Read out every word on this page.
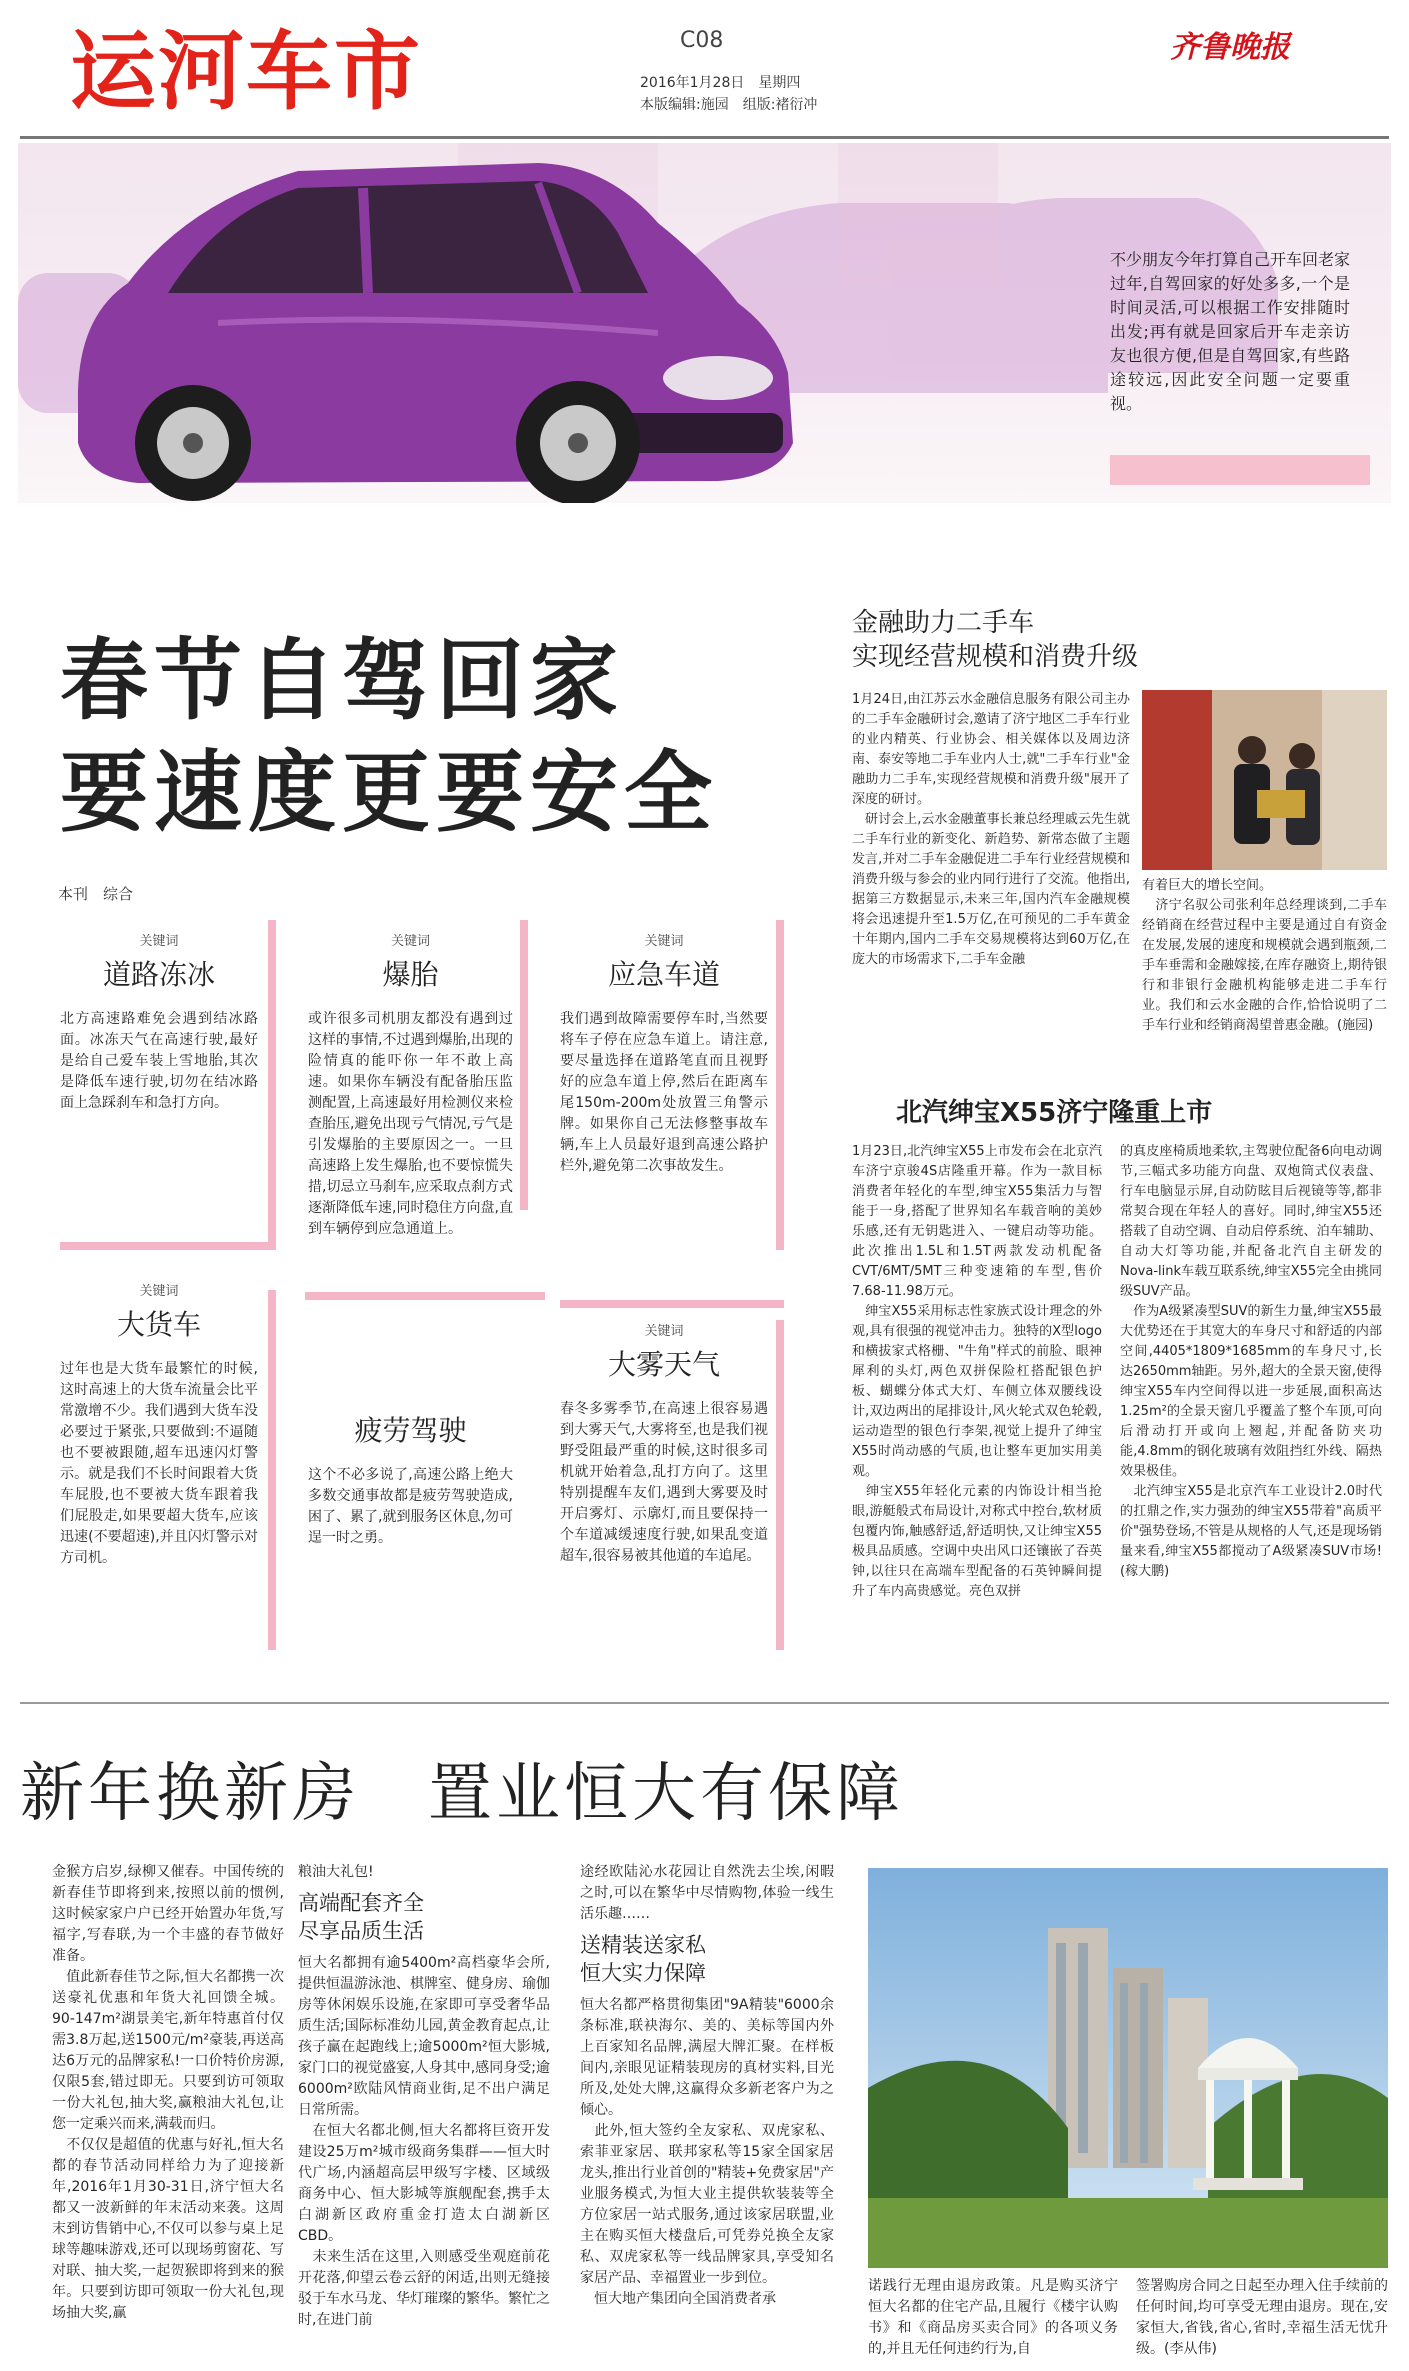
运河车市	C08
2016年1月28日　星期四
本版编辑:施园　组版:褚衍冲
齐鲁晚报
不少朋友今年打算自己开车回老家过年,自驾回家的好处多多,一个是时间灵活,可以根据工作安排随时出发;再有就是回家后开车走亲访友也很方便,但是自驾回家,有些路途较远,因此安全问题一定要重视。
春节自驾回家
要速度更要安全
本刊　综合
关键词
道路冻冰
北方高速路难免会遇到结冰路面。冰冻天气在高速行驶,最好是给自己爱车装上雪地胎,其次是降低车速行驶,切勿在结冰路面上急踩刹车和急打方向。
关键词
爆胎
或许很多司机朋友都没有遇到过这样的事情,不过遇到爆胎,出现的险情真的能吓你一年不敢上高速。如果你车辆没有配备胎压监测配置,上高速最好用检测仪来检查胎压,避免出现亏气情况,亏气是引发爆胎的主要原因之一。一旦高速路上发生爆胎,也不要惊慌失措,切忌立马刹车,应采取点刹方式逐渐降低车速,同时稳住方向盘,直到车辆停到应急通道上。
关键词
应急车道
我们遇到故障需要停车时,当然要将车子停在应急车道上。请注意,要尽量选择在道路笔直而且视野好的应急车道上停,然后在距离车尾150m-200m处放置三角警示牌。如果你自己无法修整事故车辆,车上人员最好退到高速公路护栏外,避免第二次事故发生。
关键词
大货车
过年也是大货车最繁忙的时候,这时高速上的大货车流量会比平常激增不少。我们遇到大货车没必要过于紧张,只要做到:不逼随也不要被跟随,超车迅速闪灯警示。就是我们不长时间跟着大货车屁股,也不要被大货车跟着我们屁股走,如果要超大货车,应该迅速(不要超速),并且闪灯警示对方司机。
疲劳驾驶
这个不必多说了,高速公路上绝大多数交通事故都是疲劳驾驶造成,困了、累了,就到服务区休息,勿可逞一时之勇。
关键词
大雾天气
春冬多雾季节,在高速上很容易遇到大雾天气,大雾将至,也是我们视野受阻最严重的时候,这时很多司机就开始着急,乱打方向了。这里特别提醒车友们,遇到大雾要及时开启雾灯、示廓灯,而且要保持一个车道减缓速度行驶,如果乱变道超车,很容易被其他道的车追尾。
金融助力二手车
实现经营规模和消费升级
1月24日,由江苏云水金融信息服务有限公司主办的二手车金融研讨会,邀请了济宁地区二手车行业的业内精英、行业协会、相关媒体以及周边济南、泰安等地二手车业内人士,就"二手车行业"金融助力二手车,实现经营规模和消费升级"展开了深度的研讨。
　研讨会上,云水金融董事长兼总经理戚云先生就二手车行业的新变化、新趋势、新常态做了主题发言,并对二手车金融促进二手车行业经营规模和消费升级与参会的业内同行进行了交流。他指出,据第三方数据显示,未来三年,国内汽车金融规模将会迅速提升至1.5万亿,在可预见的二手车黄金十年期内,国内二手车交易规模将达到60万亿,在庞大的市场需求下,二手车金融
有着巨大的增长空间。
　济宁名驭公司张利年总经理谈到,二手车经销商在经营过程中主要是通过自有资金在发展,发展的速度和规模就会遇到瓶颈,二手车垂需和金融嫁接,在库存融资上,期待银行和非银行金融机构能够走进二手车行业。我们和云水金融的合作,恰恰说明了二手车行业和经销商渴望普惠金融。(施园)
北汽绅宝X55济宁隆重上市
1月23日,北汽绅宝X55上市发布会在北京汽车济宁京骏4S店隆重开幕。作为一款目标消费者年轻化的车型,绅宝X55集活力与智能于一身,搭配了世界知名车载音响的美妙乐感,还有无钥匙进入、一键启动等功能。此次推出1.5L和1.5T两款发动机配备CVT/6MT/5MT三种变速箱的车型,售价7.68-11.98万元。
　绅宝X55采用标志性家族式设计理念的外观,具有很强的视觉冲击力。独特的X型logo和横拔家式格栅、"牛角"样式的前脸、眼神犀利的头灯,两色双拼保险杠搭配银色护板、蝴蝶分体式大灯、车侧立体双腰线设计,双边两出的尾排设计,风火轮式双色轮毂,运动造型的银色行李架,视觉上提升了绅宝X55时尚动感的气质,也让整车更加实用美观。
　绅宝X55年轻化元素的内饰设计相当抢眼,游艇般式布局设计,对称式中控台,软材质包覆内饰,触感舒适,舒适明快,又让绅宝X55极具品质感。空调中央出风口还镶嵌了吞英钟,以往只在高端车型配备的石英钟瞬间提升了车内高贵感觉。亮色双拼
的真皮座椅质地柔软,主驾驶位配备6向电动调节,三幅式多功能方向盘、双炮筒式仪表盘、行车电脑显示屏,自动防眩目后视镜等等,都非常契合现在年轻人的喜好。同时,绅宝X55还搭载了自动空调、自动启停系统、泊车辅助、自动大灯等功能,并配备北汽自主研发的Nova-link车载互联系统,绅宝X55完全由挑同级SUV产品。
　作为A级紧凑型SUV的新生力量,绅宝X55最大优势还在于其宽大的车身尺寸和舒适的内部空间,4405*1809*1685mm的车身尺寸,长达2650mm轴距。另外,超大的全景天窗,使得绅宝X55车内空间得以进一步延展,面积高达1.25m²的全景天窗几乎覆盖了整个车顶,可向后滑动打开或向上翘起,并配备防夹功能,4.8mm的钢化玻璃有效阻挡红外线、隔热效果极佳。
　北汽绅宝X55是北京汽车工业设计2.0时代的扛鼎之作,实力强劲的绅宝X55带着"高质平价"强势登场,不管是从规格的人气,还是现场销量来看,绅宝X55都搅动了A级紧凑SUV市场!(稼大鹏)
新年换新房　置业恒大有保障
金猴方启岁,绿柳又催春。中国传统的新春佳节即将到来,按照以前的惯例,这时候家家户户已经开始置办年货,写福字,写春联,为一个丰盛的春节做好准备。
　值此新春佳节之际,恒大名都携一次送豪礼优惠和年货大礼回馈全城。90-147m²湖景美宅,新年特惠首付仅需3.8万起,送1500元/m²豪装,再送高达6万元的品牌家私!一口价特价房源,仅限5套,错过即无。只要到访可领取一份大礼包,抽大奖,赢粮油大礼包,让您一定乘兴而来,满载而归。
　不仅仅是超值的优惠与好礼,恒大名都的春节活动同样给力为了迎接新年,2016年1月30-31日,济宁恒大名都又一波新鲜的年末活动来袭。这周末到访售销中心,不仅可以参与桌上足球等趣味游戏,还可以现场剪窗花、写对联、抽大奖,一起贺猴即将到来的猴年。只要到访即可领取一份大礼包,现场抽大奖,赢
粮油大礼包!
高端配套齐全
尽享品质生活
恒大名都拥有逾5400m²高档豪华会所,提供恒温游泳池、棋牌室、健身房、瑜伽房等休闲娱乐设施,在家即可享受奢华品质生活;国际标准幼儿园,黄金教育起点,让孩子赢在起跑线上;逾5000m²恒大影城,家门口的视觉盛宴,人身其中,感同身受;逾6000m²欧陆风情商业街,足不出户满足日常所需。
　在恒大名都北侧,恒大名都将巨资开发建设25万m²城市级商务集群——恒大时代广场,内涵超高层甲级写字楼、区域级商务中心、恒大影城等旗舰配套,携手太白湖新区政府重金打造太白湖新区CBD。
　未来生活在这里,入则感受坐观庭前花开花落,仰望云卷云舒的闲适,出则无缝接驳于车水马龙、华灯璀璨的繁华。繁忙之时,在进门前
途经欧陆沁水花园让自然洗去尘埃,闲暇之时,可以在繁华中尽情购物,体验一线生活乐趣……
送精装送家私
恒大实力保障
恒大名都严格贯彻集团"9A精装"6000余条标准,联袂海尔、美的、美标等国内外上百家知名品牌,满屋大牌汇聚。在样板间内,亲眼见证精装现房的真材实料,目光所及,处处大牌,这赢得众多新老客户为之倾心。
　此外,恒大签约全友家私、双虎家私、索菲亚家居、联邦家私等15家全国家居龙头,推出行业首创的"精装+免费家居"产业服务模式,为恒大业主提供软装装等全方位家居一站式服务,通过该家居联盟,业主在购买恒大楼盘后,可凭券兑换全友家私、双虎家私等一线品牌家具,享受知名家居产品、幸福置业一步到位。
　恒大地产集团向全国消费者承
诺践行无理由退房政策。凡是购买济宁恒大名都的住宅产品,且履行《楼宇认购书》和《商品房买卖合同》的各项义务的,并且无任何违约行为,自
签署购房合同之日起至办理入住手续前的任何时间,均可享受无理由退房。现在,安家恒大,省钱,省心,省时,幸福生活无忧升级。(李从伟)
